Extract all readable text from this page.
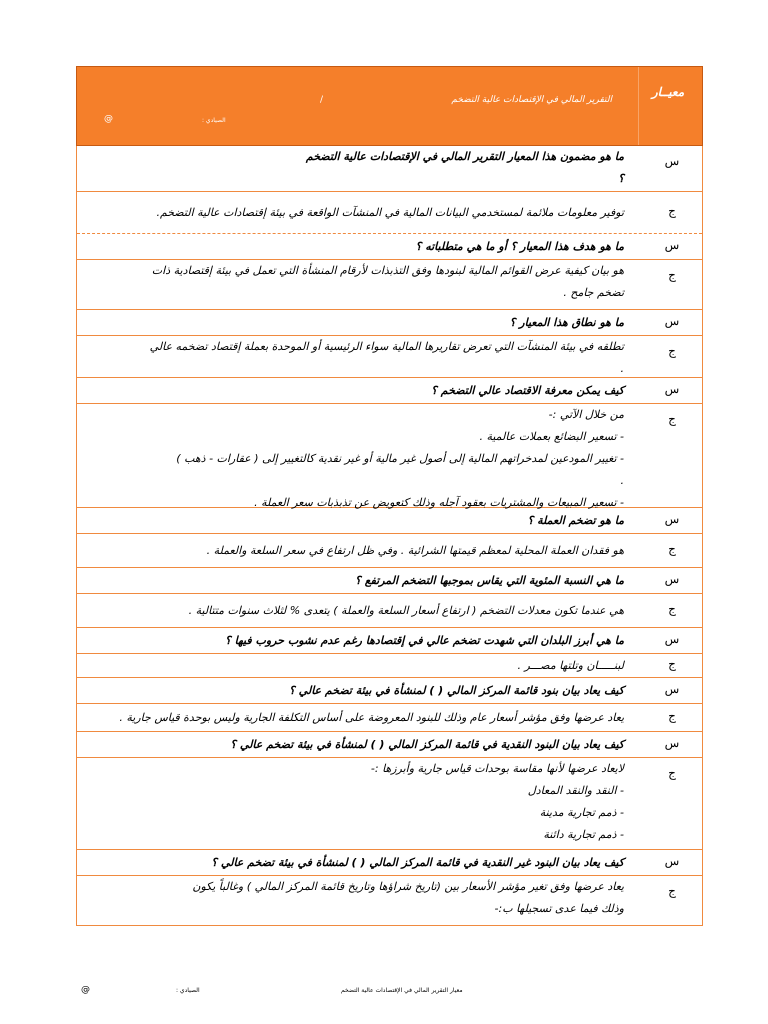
معيــار
التقرير المالي في الإقتصادات عالية التضخم
/
الصيادي :
@
س
ما هو مضمون هذا المعيار التقرير المالي في الإقتصادات عالية التضخم
؟
ج
توفير معلومات ملائمة لمستخدمي البيانات المالية في المنشآت الواقعة في بيئة إقتصادات عالية التضخم.
س
ما هو هدف هذا المعيار ؟ أو ما هي متطلباته ؟
ج
هو بيان كيفية عرض القوائم المالية لبنودها وفق التذبذات لأرقام المنشأة التي تعمل في بيئة إقتصادية ذات
تضخم جامح .
س
ما هو نطاق هذا المعيار ؟
ج
تطلقه في بيئة المنشآت التي تعرض تقاريرها المالية سواء الرئيسية أو الموحدة بعملة إقتصاد تضخمه عالي
.
س
كيف يمكن معرفة الاقتصاد عالي التضخم ؟
ج
من خلال الآتي :-
- تسعير البضائع بعملات عالمية .
- تغيير المودعين لمدخراتهم المالية إلى أصول غير مالية أو غير نقدية كالتغيير إلى ( عقارات - ذهب )
.
- تسعير المبيعات والمشتريات بعقود آجله وذلك كتعويض عن تذبذبات سعر العملة .
س
ما هو تضخم العملة ؟
ج
هو فقدان العملة المحلية لمعظم قيمتها الشرائية . وفي ظل ارتفاع في سعر السلعة والعملة .
س
ما هي النسبة المئوية التي يقاس بموجبها التضخم المرتفع ؟
ج
هي عندما تكون معدلات التضخم ( ارتفاع أسعار السلعة والعملة ) يتعدى % لثلاث سنوات متتالية .
س
ما هي أبرز البلدان التي شهدت تضخم عالي في إقتصادها رغم عدم نشوب حروب فيها ؟
ج
لبنـــــان وتلتها مصـــر .
س
كيف يعاد بيان بنود قائمة المركز المالي ( ) لمنشأة في بيئة تضخم عالي ؟
ج
يعاد عرضها وفق مؤشر أسعار عام وذلك للبنود المعروضة على أساس التكلفة الجارية وليس بوحدة قياس جارية .
س
كيف يعاد بيان البنود النقدية في قائمة المركز المالي ( ) لمنشأة في بيئة تضخم عالي ؟
ج
لايعاد عرضها لأنها مقاسة بوحدات قياس جارية وأبرزها :-
- النقد والنقد المعادل
- ذمم تجارية مدينة
- ذمم تجارية دائنة
س
كيف يعاد بيان البنود غير النقدية في قائمة المركز المالي ( ) لمنشأة في بيئة تضخم عالي ؟
ج
يعاد عرضها وفق تغير مؤشر الأسعار بين (تاريخ شراؤها وتاريخ قائمة المركز المالي ) وغالباً يكون
وذلك فيما عدى تسجيلها ب:-
@	الصيادي :	معيار التقرير المالي في الإقتصادات عالية التضخم
